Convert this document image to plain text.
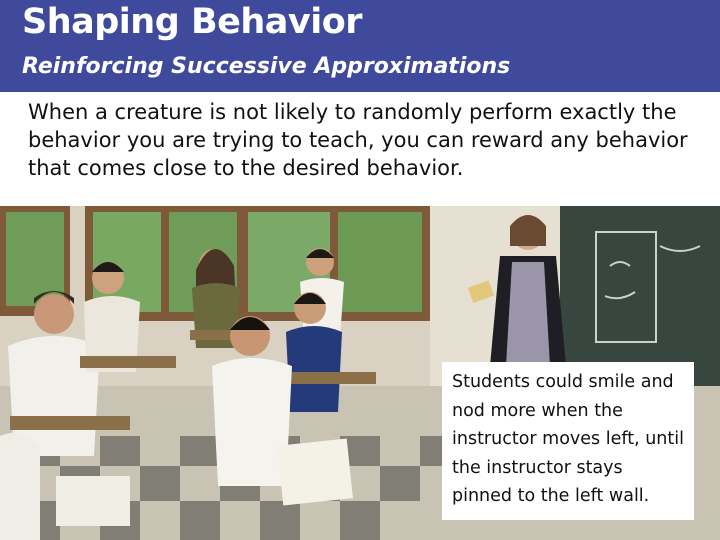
Shaping Behavior
Reinforcing Successive Approximations
When a creature is not likely to randomly perform exactly the behavior you are trying to teach, you can reward any behavior that comes close to the desired behavior.
Students could smile and nod more when the instructor moves left, until the instructor stays pinned to the left wall.
